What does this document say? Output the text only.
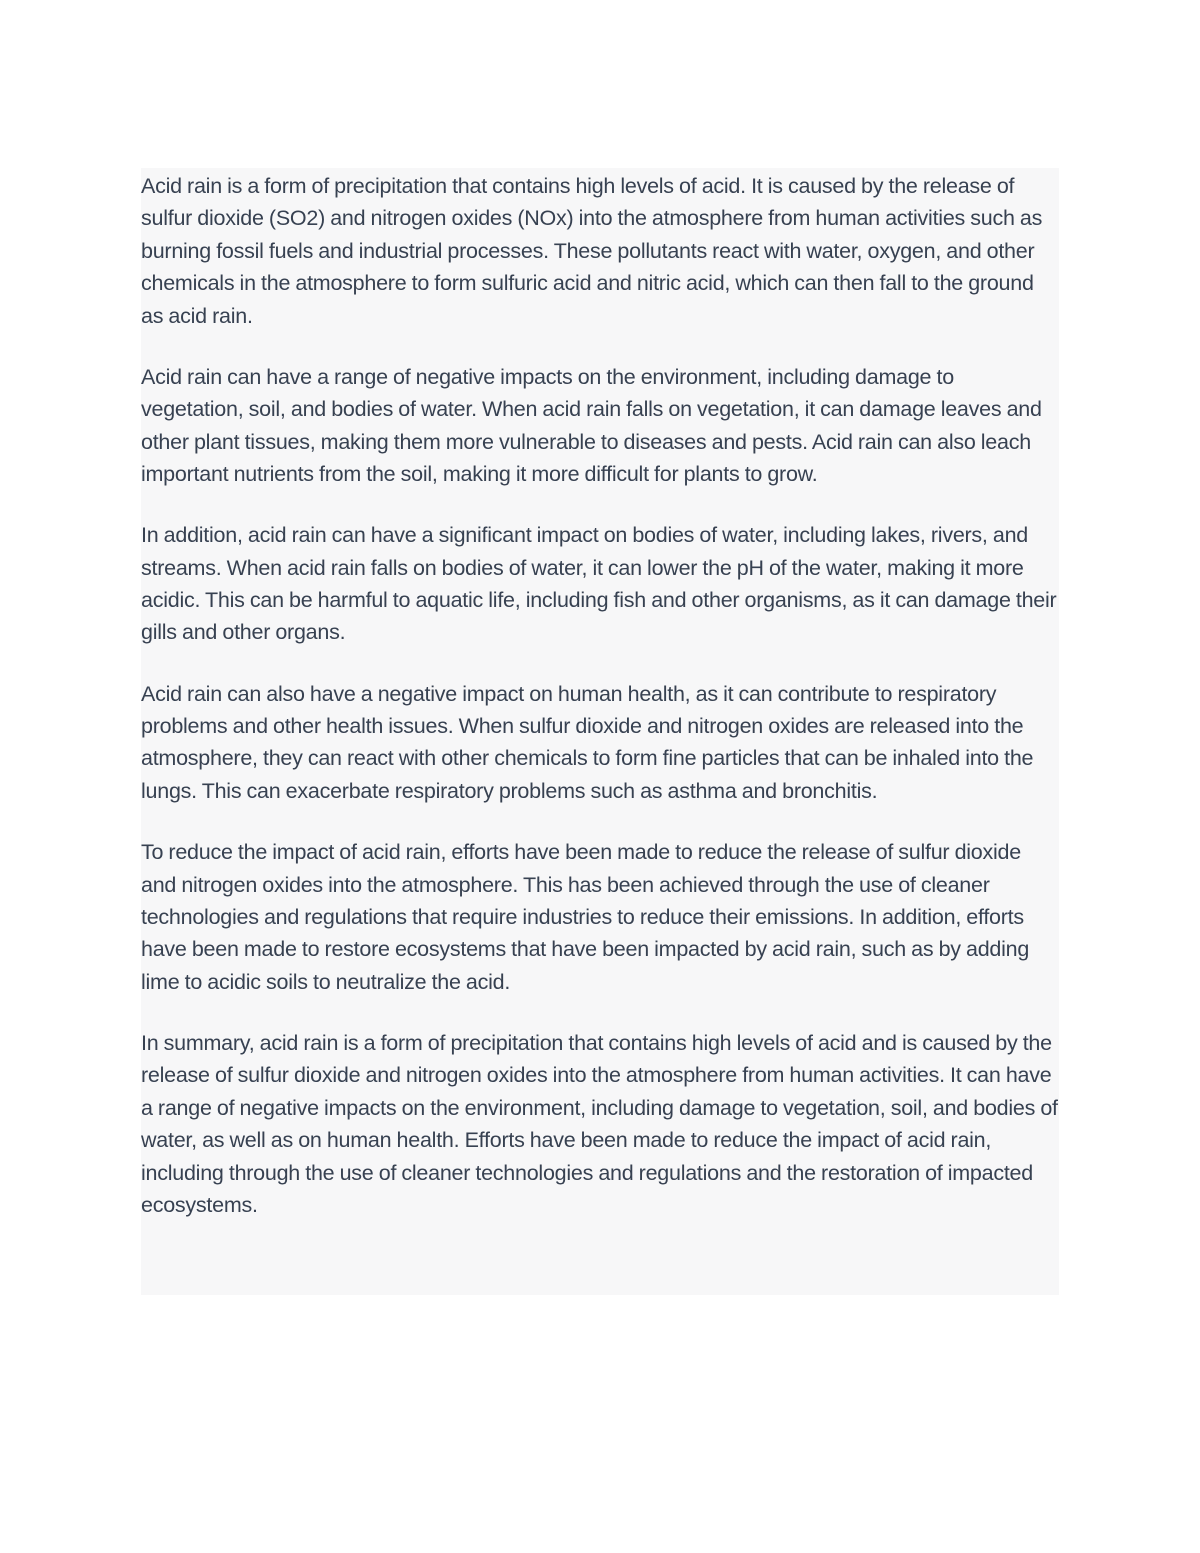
Acid rain is a form of precipitation that contains high levels of acid. It is caused by the release of sulfur dioxide (SO2) and nitrogen oxides (NOx) into the atmosphere from human activities such as burning fossil fuels and industrial processes. These pollutants react with water, oxygen, and other chemicals in the atmosphere to form sulfuric acid and nitric acid, which can then fall to the ground as acid rain.

Acid rain can have a range of negative impacts on the environment, including damage to vegetation, soil, and bodies of water. When acid rain falls on vegetation, it can damage leaves and other plant tissues, making them more vulnerable to diseases and pests. Acid rain can also leach important nutrients from the soil, making it more difficult for plants to grow.

In addition, acid rain can have a significant impact on bodies of water, including lakes, rivers, and streams. When acid rain falls on bodies of water, it can lower the pH of the water, making it more acidic. This can be harmful to aquatic life, including fish and other organisms, as it can damage their gills and other organs.

Acid rain can also have a negative impact on human health, as it can contribute to respiratory problems and other health issues. When sulfur dioxide and nitrogen oxides are released into the atmosphere, they can react with other chemicals to form fine particles that can be inhaled into the lungs. This can exacerbate respiratory problems such as asthma and bronchitis.

To reduce the impact of acid rain, efforts have been made to reduce the release of sulfur dioxide and nitrogen oxides into the atmosphere. This has been achieved through the use of cleaner technologies and regulations that require industries to reduce their emissions. In addition, efforts have been made to restore ecosystems that have been impacted by acid rain, such as by adding lime to acidic soils to neutralize the acid.

In summary, acid rain is a form of precipitation that contains high levels of acid and is caused by the release of sulfur dioxide and nitrogen oxides into the atmosphere from human activities. It can have a range of negative impacts on the environment, including damage to vegetation, soil, and bodies of water, as well as on human health. Efforts have been made to reduce the impact of acid rain, including through the use of cleaner technologies and regulations and the restoration of impacted ecosystems.
